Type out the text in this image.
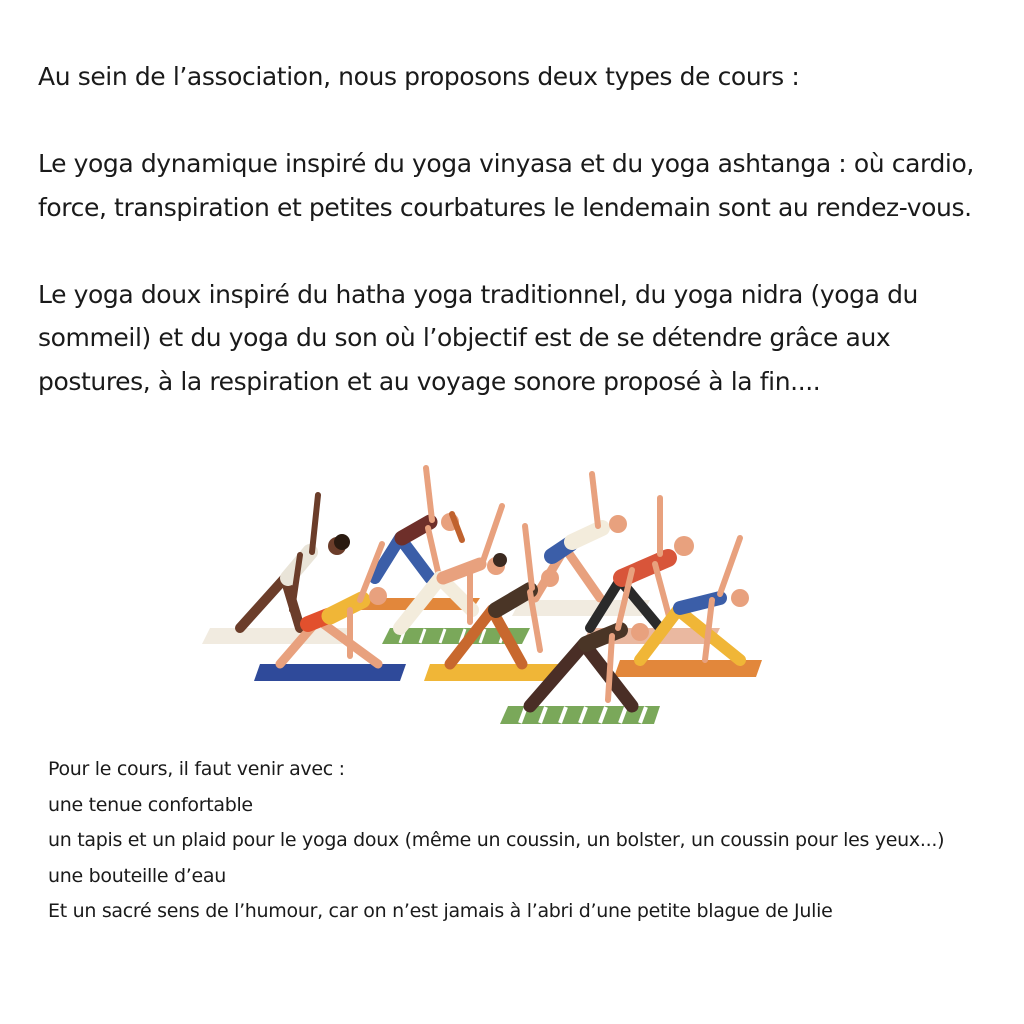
Au sein de l’association, nous proposons deux types de cours :

Le yoga dynamique inspiré du yoga vinyasa et du yoga ashtanga : où cardio, force, transpiration et petites courbatures le lendemain sont au rendez-vous.

Le yoga doux inspiré du hatha yoga traditionnel, du yoga nidra (yoga du sommeil) et du yoga du son où l’objectif est de se détendre grâce aux postures, à la respiration et au voyage sonore proposé à la fin....

Pour le cours, il faut venir avec :

une tenue confortable

un tapis et un plaid pour le yoga doux (même un coussin, un bolster, un coussin pour les yeux...)

une bouteille d’eau

Et un sacré sens de l’humour, car on n’est jamais à l’abri d’une petite blague de Julie
